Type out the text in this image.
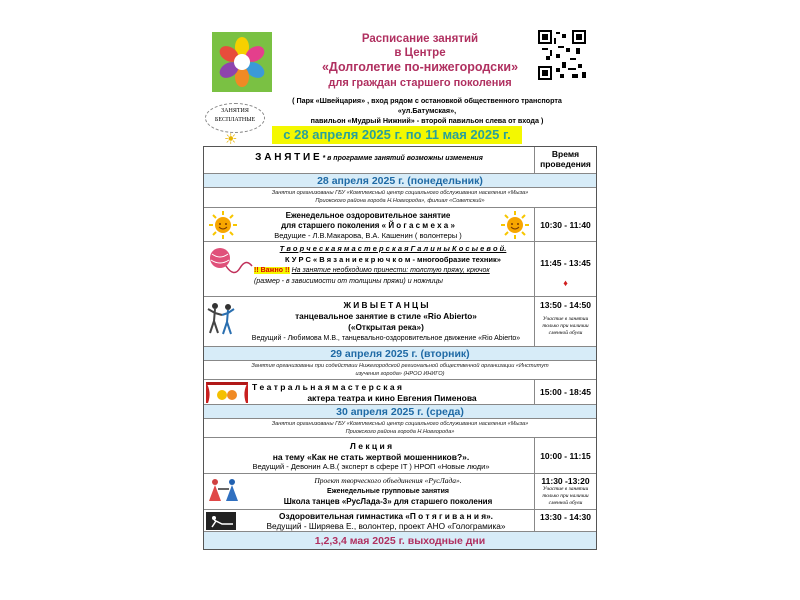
Расписание занятий
в Центре
«Долголетие по-нижегородски»
для граждан старшего поколения
( Парк «Швейцария» , вход рядом с остановкой общественного транспорта «ул.Батумская»,
павильон «Мудрый Нижний» - второй павильон слева от входа )
ЗАНЯТИЯ
БЕСПЛАТНЫЕ
☀	с 28 апреля 2025 г. по 11 мая 2025 г.
З А Н Я Т И Е * в программе занятий возможны изменения	Время проведения
28 апреля 2025 г. (понедельник)
Занятия организованы ГБУ «Комплексный центр социального обслуживания населения «Мыза»
Приокского района города Н.Новгорода», филиал «Советский»
Еженедельное оздоровительное занятие
для старшего поколения « Й о г а с м е х а »
Ведущие - Л.В.Макарова, В.А. Кашенин ( волонтеры )
10:30 - 11:40
Т в о р ч е с к а я м а с т е р с к а я Г а л и н ы К о с ы е в о й.
К У Р С « В я з а н и е к р ю ч к о м - многообразие техник»
!! Важно !! На занятие необходимо принести: толстую пряжу, крючок
(размер - в зависимости от толщины пряжи) и ножницы
11:45 - 13:45
♦
Ж И В Ы Е Т А Н Ц Ы
танцевальное занятие в стиле «Rio Abierto»
(«Открытая река»)
Ведущий - Любимова М.В., танцевально-оздоровительное движение «Rio Abierto»
13:50 - 14:50
Участие в занятии только при наличии сменной обуви
29 апреля 2025 г. (вторник)
Занятия организованы при содействии Нижегородской региональной общественной организации «Институт
изучения города» (НРОО ИНИГО)
Т е а т р а л ь н а я м а с т е р с к а я
актера театра и кино Евгения Пименова
15:00 - 18:45
30 апреля 2025 г. (среда)
Занятия организованы ГБУ «Комплексный центр социального обслуживания населения «Мыза»
Приокского района города Н.Новгорода»
Л е к ц и я
на тему «Как не стать жертвой мошенников?».
Ведущий - Девонин А.В.( эксперт в сфере IT ) НРОП «Новые люди»
10:00 - 11:15
Проект творческого объединения «РусЛада».
Еженедельные групповые занятия
Школа танцев «РусЛада-3» для старшего поколения
11:30 -13:20
Участие в занятии только при наличии сменной обуви
Оздоровительная гимнастика «П о т я г и в а н и я».
Ведущий - Ширяева Е., волонтер, проект АНО «Гологрaмика»
13:30 - 14:30
1,2,3,4 мая 2025 г. выходные дни
